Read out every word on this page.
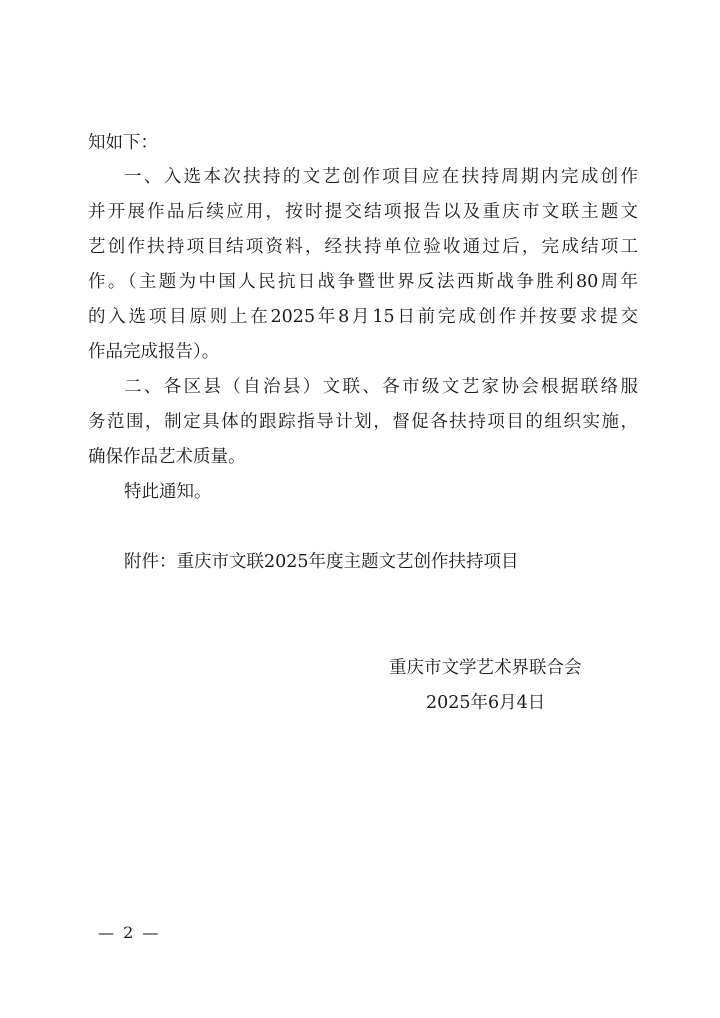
知如下：
一、入选本次扶持的文艺创作项目应在扶持周期内完成创作
并开展作品后续应用，按时提交结项报告以及重庆市文联主题文
艺创作扶持项目结项资料，经扶持单位验收通过后，完成结项工
作。（主题为中国人民抗日战争暨世界反法西斯战争胜利80周年
的入选项目原则上在2025年8月15日前完成创作并按要求提交
作品完成报告）。
二、各区县（自治县）文联、各市级文艺家协会根据联络服
务范围，制定具体的跟踪指导计划，督促各扶持项目的组织实施，
确保作品艺术质量。
特此通知。
附件：重庆市文联2025年度主题文艺创作扶持项目
重庆市文学艺术界联合会
2025年6月4日
— 2 —
